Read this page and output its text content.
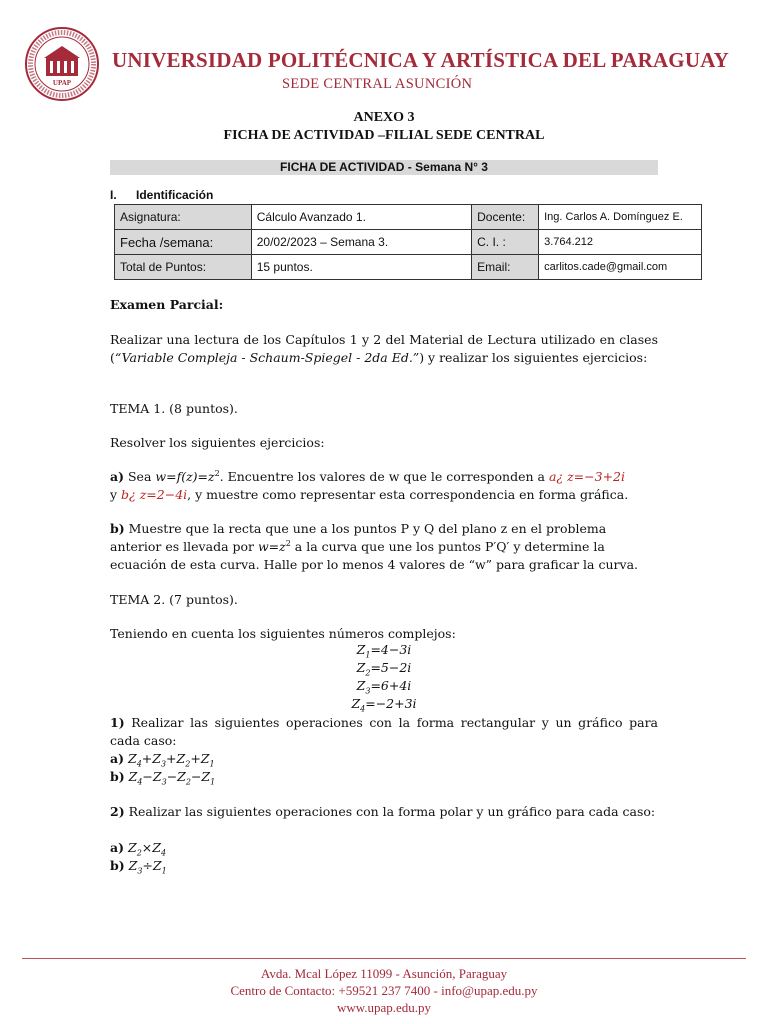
UPAP
UNIVERSIDAD POLITÉCNICA Y ARTÍSTICA DEL PARAGUAY
SEDE CENTRAL ASUNCIÓN
ANEXO 3
FICHA DE ACTIVIDAD –FILIAL SEDE CENTRAL
FICHA DE ACTIVIDAD - Semana N° 3
I. Identificación
Asignatura:	Cálculo Avanzado 1.	Docente:	Ing. Carlos A. Domínguez E.
Fecha /semana:	20/02/2023 – Semana 3.	C. I. :	3.764.212
Total de Puntos:	15 puntos.	Email:	carlitos.cade@gmail.com
Examen Parcial:
Realizar una lectura de los Capítulos 1 y 2 del Material de Lectura utilizado en clases (“Variable Compleja - Schaum-Spiegel - 2da Ed.”) y realizar los siguientes ejercicios:
TEMA 1. (8 puntos).
Resolver los siguientes ejercicios:
a) Sea $w=f(z)=z^2$. Encuentre los valores de w que le corresponden a a¿ z=−3+2i
y b¿ z=2−4i, y muestre como representar esta correspondencia en forma gráfica.
b) Muestre que la recta que une a los puntos P y Q del plano z en el problema
anterior es llevada por $w=z^2$ a la curva que une los puntos P′Q′ y determine la
ecuación de esta curva. Halle por lo menos 4 valores de “w” para graficar la curva.
TEMA 2. (7 puntos).
Teniendo en cuenta los siguientes números complejos:
$Z_1=4-3i$
$Z_2=5-2i$
$Z_3=6+4i$
$Z_4=-2+3i$
1) Realizar las siguientes operaciones con la forma rectangular y un gráfico para cada caso:
a) $Z_4+Z_3+Z_2+Z_1$
b) $Z_4-Z_3-Z_2-Z_1$
2) Realizar las siguientes operaciones con la forma polar y un gráfico para cada caso:
a) $Z_2\times Z_4$
b) $Z_3\div Z_1$
Avda. Mcal López 11099 - Asunción, Paraguay
Centro de Contacto: +59521 237 7400 - info@upap.edu.py
www.upap.edu.py
